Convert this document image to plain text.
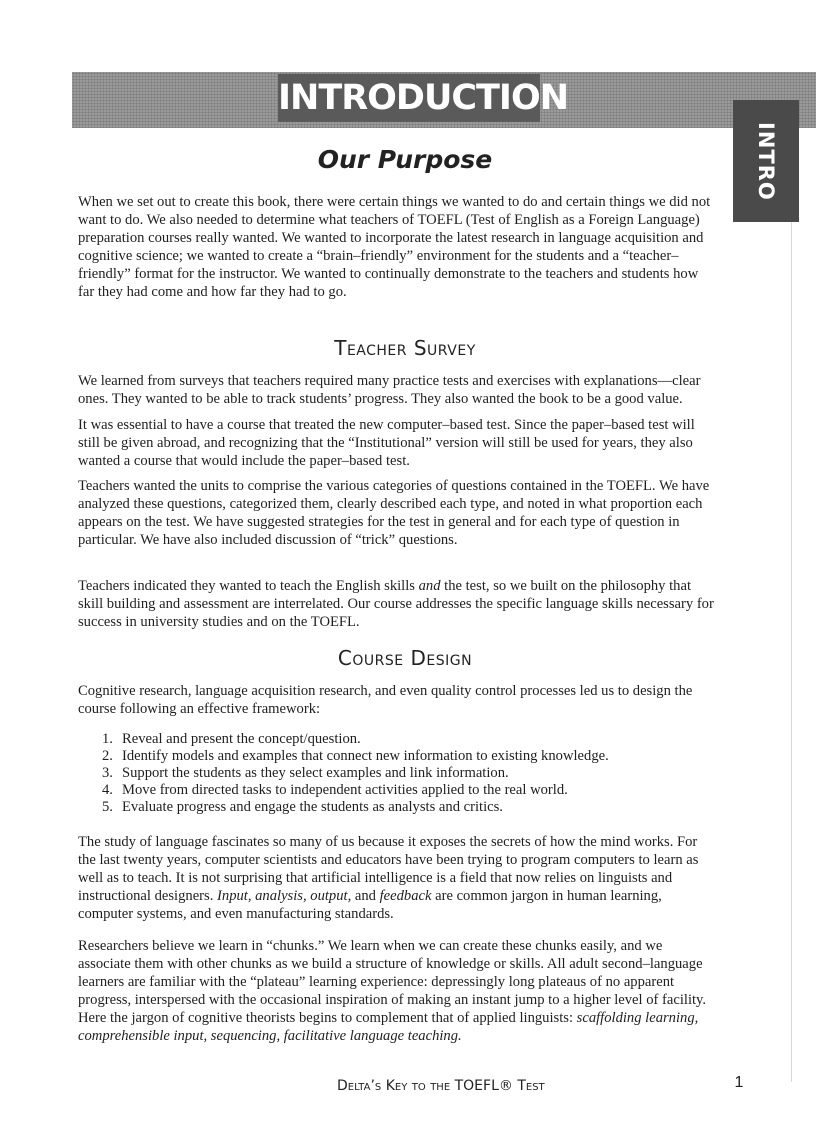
INTRODUCTION
INTRO
Our Purpose

When we set out to create this book, there were certain things we wanted to do and certain things we did not want to do. We also needed to determine what teachers of TOEFL (Test of English as a Foreign Language) preparation courses really wanted. We wanted to incorporate the latest research in language acquisition and cognitive science; we wanted to create a “brain–friendly” environment for the students and a “teacher–friendly” format for the instructor. We wanted to continually demonstrate to the teachers and students how far they had come and how far they had to go.

Teacher Survey

We learned from surveys that teachers required many practice tests and exercises with explanations—clear ones. They wanted to be able to track students’ progress. They also wanted the book to be a good value.

It was essential to have a course that treated the new computer–based test. Since the paper–based test will still be given abroad, and recognizing that the “Institutional” version will still be used for years, they also wanted a course that would include the paper–based test.

Teachers wanted the units to comprise the various categories of questions contained in the TOEFL. We have analyzed these questions, categorized them, clearly described each type, and noted in what proportion each appears on the test. We have suggested strategies for the test in general and for each type of question in particular. We have also included discussion of “trick” questions.

Teachers indicated they wanted to teach the English skills and the test, so we built on the philosophy that skill building and assessment are interrelated. Our course addresses the specific language skills necessary for success in university studies and on the TOEFL.

Course Design

Cognitive research, language acquisition research, and even quality control processes led us to design the course following an effective framework:

1. Reveal and present the concept/question.
2. Identify models and examples that connect new information to existing knowledge.
3. Support the students as they select examples and link information.
4. Move from directed tasks to independent activities applied to the real world.
5. Evaluate progress and engage the students as analysts and critics.

The study of language fascinates so many of us because it exposes the secrets of how the mind works. For the last twenty years, computer scientists and educators have been trying to program computers to learn as well as to teach. It is not surprising that artificial intelligence is a field that now relies on linguists and instructional designers. Input, analysis, output, and feedback are common jargon in human learning, computer systems, and even manufacturing standards.

Researchers believe we learn in “chunks.” We learn when we can create these chunks easily, and we associate them with other chunks as we build a structure of knowledge or skills. All adult second–language learners are familiar with the “plateau” learning experience: depressingly long plateaus of no apparent progress, interspersed with the occasional inspiration of making an instant jump to a higher level of facility. Here the jargon of cognitive theorists begins to complement that of applied linguists: scaffolding learning, comprehensible input, sequencing, facilitative language teaching.

Delta’s Key to the TOEFL® Test	1
